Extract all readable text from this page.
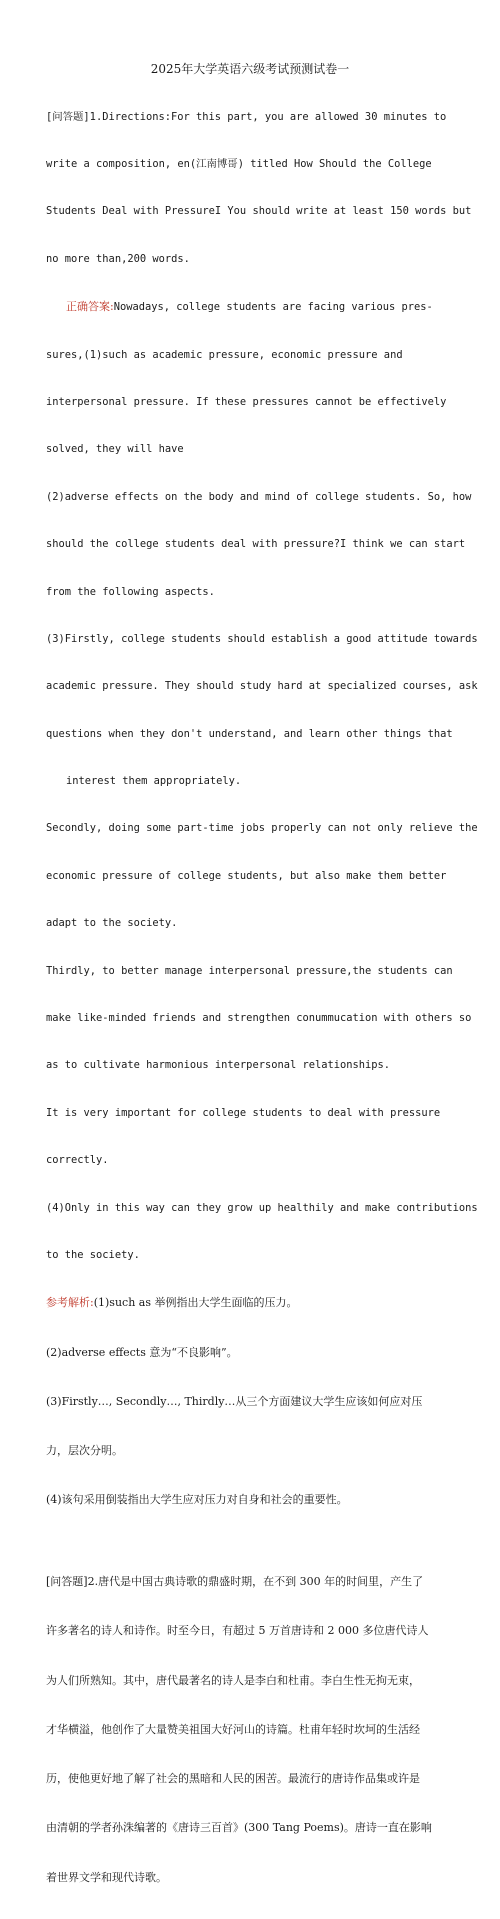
2025年大学英语六级考试预测试卷一

[问答题]1.Directions:For this part, you are allowed 30 minutes to

write a composition, en(江南博哥) titled How Should the College

Students Deal with PressureI You should write at least 150 words but

no more than,200 words.

正确答案:Nowadays, college students are facing various pres-

sures,(1)such as academic pressure, economic pressure and

interpersonal pressure. If these pressures cannot be effectively

solved, they will have

(2)adverse effects on the body and mind of college students. So, how

should the college students deal with pressure?I think we can start

from the following aspects.

(3)Firstly, college students should establish a good attitude towards

academic pressure. They should study hard at specialized courses, ask

questions when they don't understand, and learn other things that

interest them appropriately.

Secondly, doing some part-time jobs properly can not only relieve the

economic pressure of college students, but also make them better

adapt to the society.

Thirdly, to better manage interpersonal pressure,the students can

make like-minded friends and strengthen conummucation with others so

as to cultivate harmonious interpersonal relationships.

It is very important for college students to deal with pressure

correctly.

(4)Only in this way can they grow up healthily and make contributions

to the society.

参考解析:(1)such as 举例指出大学生面临的压力。

(2)adverse effects 意为“不良影响”。

(3)Firstly…, Secondly…, Thirdly…从三个方面建议大学生应该如何应对压

力，层次分明。

(4)该句采用倒装指出大学生应对压力对自身和社会的重要性。

[问答题]2.唐代是中国古典诗歌的鼎盛时期，在不到 300 年的时间里，产生了

许多著名的诗人和诗作。时至今日，有超过 5 万首唐诗和 2 000 多位唐代诗人

为人们所熟知。其中，唐代最著名的诗人是李白和杜甫。李白生性无拘无束，

才华横溢，他创作了大量赞美祖国大好河山的诗篇。杜甫年轻时坎坷的生活经

历，使他更好地了解了社会的黑暗和人民的困苦。最流行的唐诗作品集或许是

由清朝的学者孙洙编著的《唐诗三百首》(300 Tang Poems)。唐诗一直在影响

着世界文学和现代诗歌。
